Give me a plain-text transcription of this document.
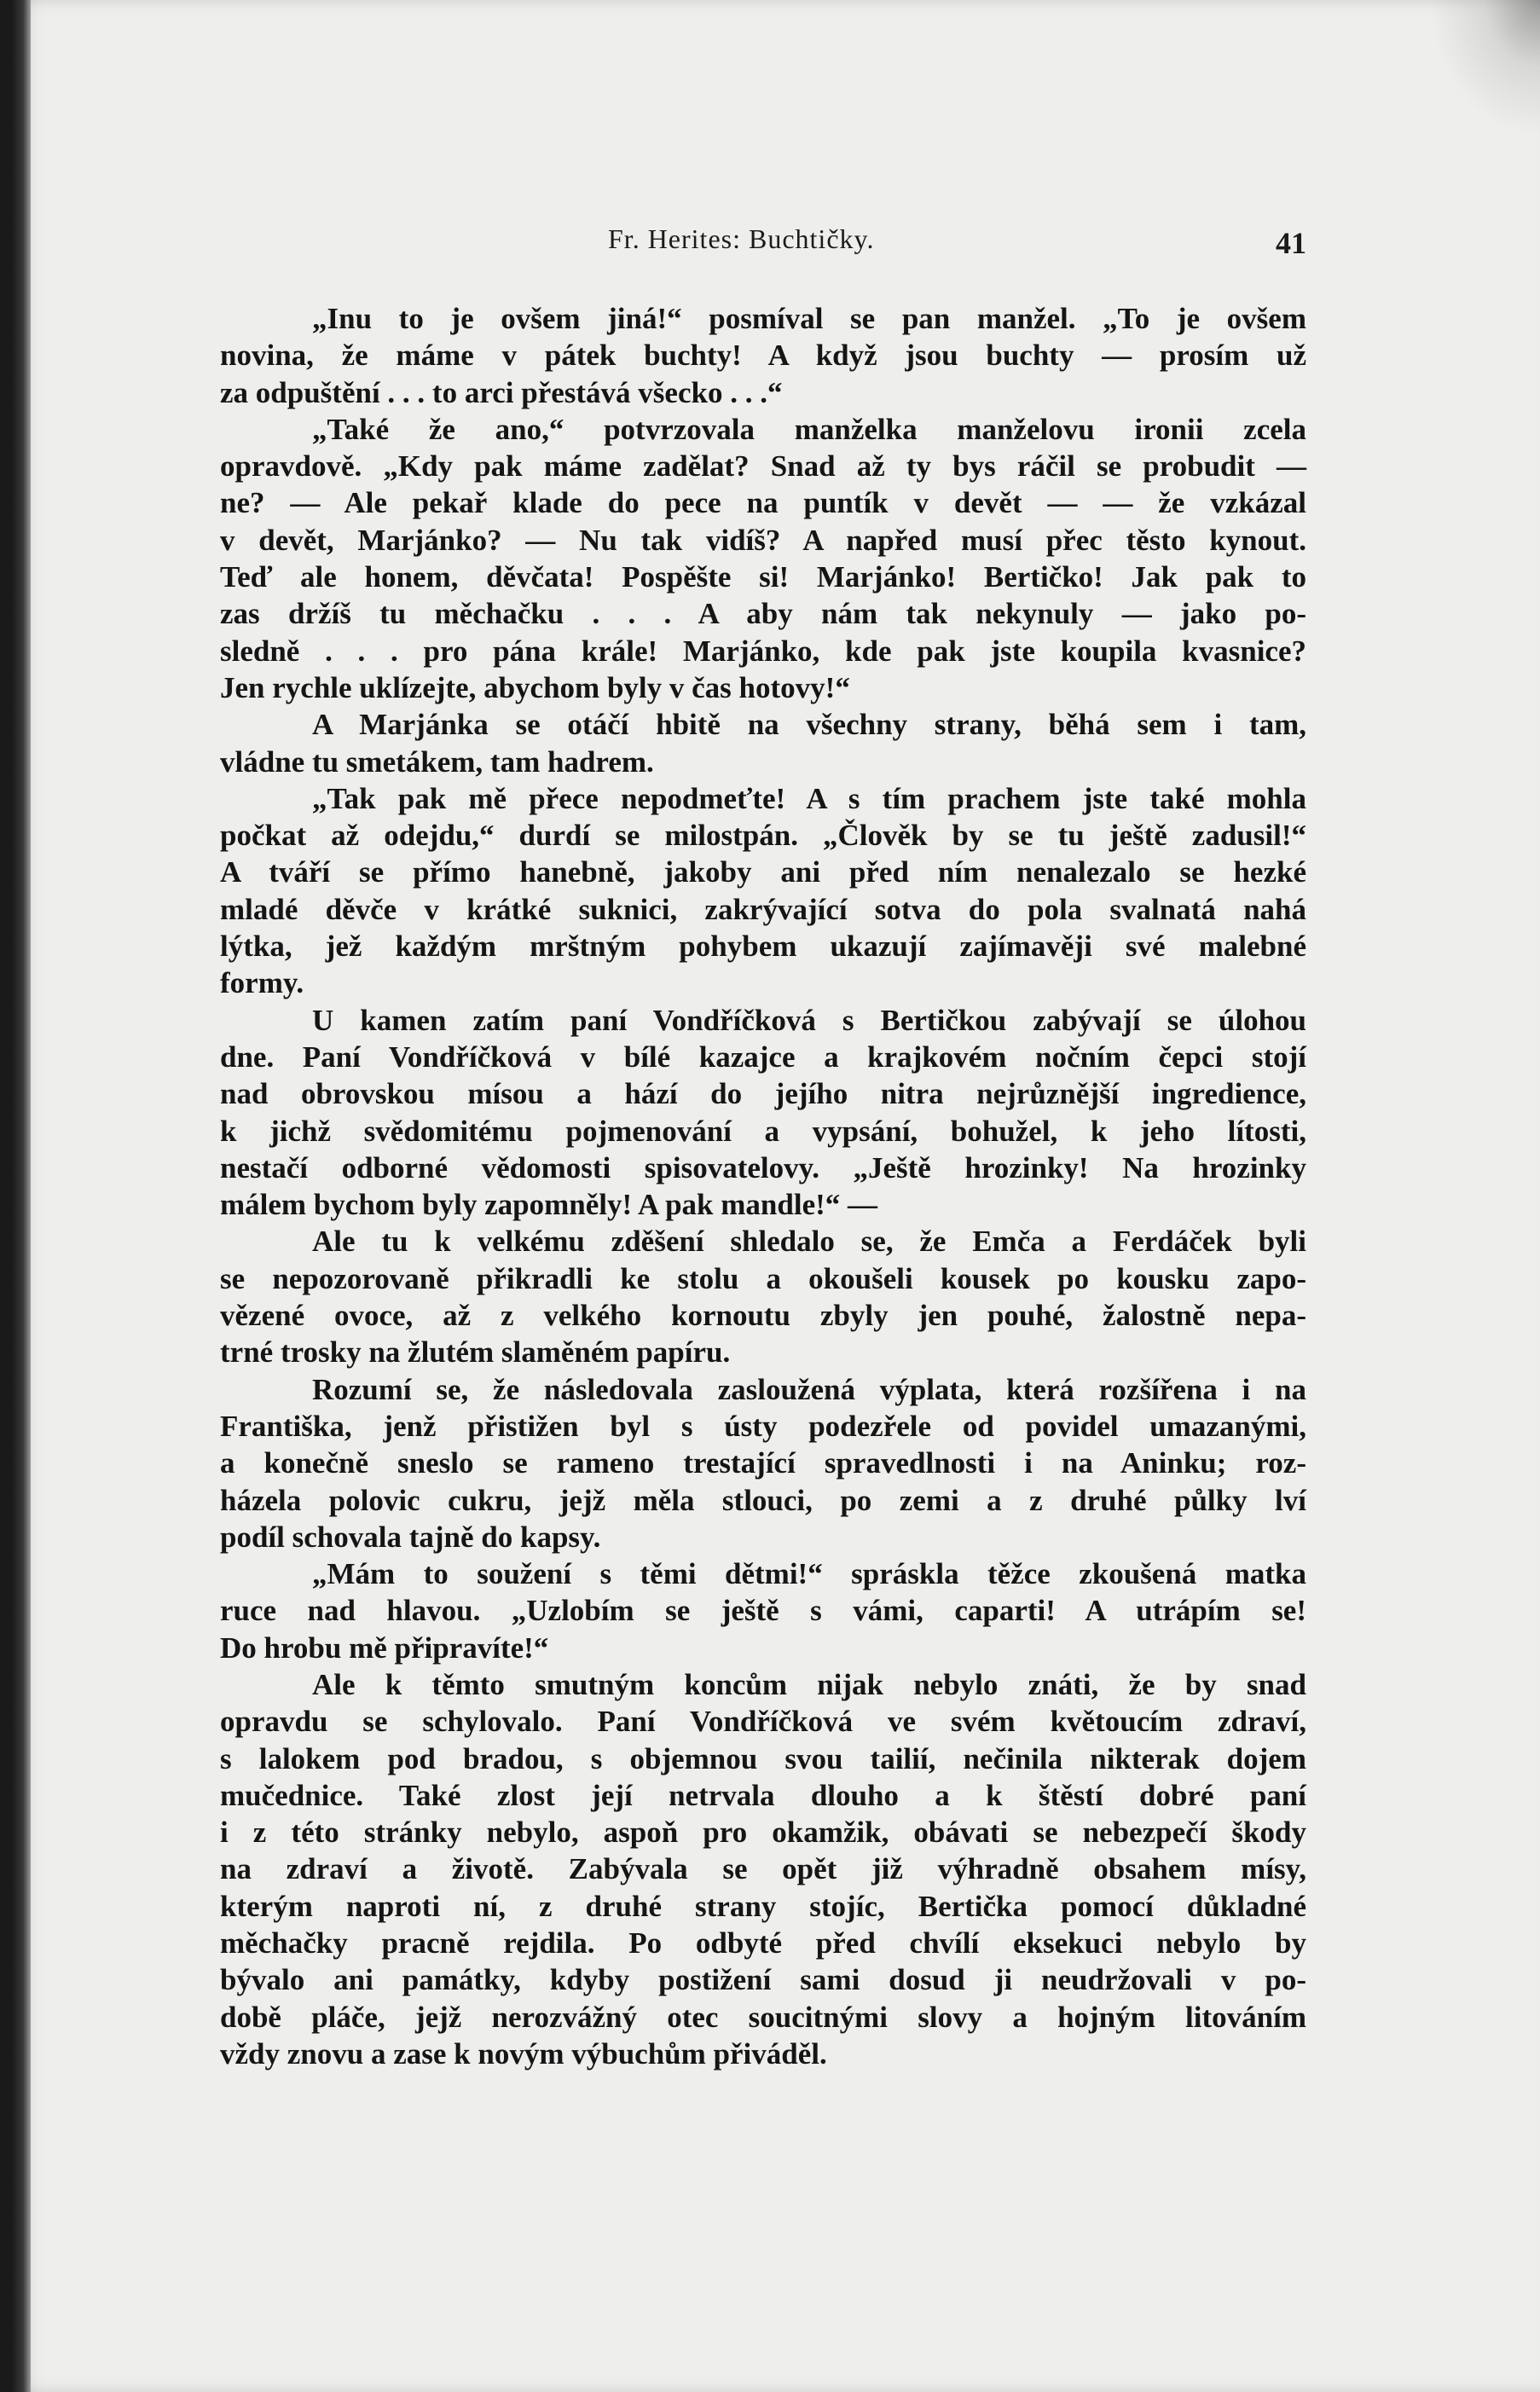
Fr. Herites: Buchtičky.	41
„Inu to je ovšem jiná!“ posmíval se pan manžel. „To je ovšem
novina, že máme v pátek buchty! A když jsou buchty — prosím už
za odpuštění . . . to arci přestává všecko . . .“
„Také že ano,“ potvrzovala manželka manželovu ironii zcela
opravdově. „Kdy pak máme zadělat? Snad až ty bys ráčil se probudit —
ne? — Ale pekař klade do pece na puntík v devět — — že vzkázal
v devět, Marjánko? — Nu tak vidíš? A napřed musí přec těsto kynout.
Teď ale honem, děvčata! Pospěšte si! Marjánko! Bertičko! Jak pak to
zas držíš tu měchačku . . . A aby nám tak nekynuly — jako po-
sledně . . . pro pána krále! Marjánko, kde pak jste koupila kvasnice?
Jen rychle uklízejte, abychom byly v čas hotovy!“
A Marjánka se otáčí hbitě na všechny strany, běhá sem i tam,
vládne tu smetákem, tam hadrem.
„Tak pak mě přece nepodmeťte! A s tím prachem jste také mohla
počkat až odejdu,“ durdí se milostpán. „Člověk by se tu ještě zadusil!“
A tváří se přímo hanebně, jakoby ani před ním nenalezalo se hezké
mladé děvče v krátké suknici, zakrývající sotva do pola svalnatá nahá
lýtka, jež každým mrštným pohybem ukazují zajímavěji své malebné
formy.
U kamen zatím paní Vondříčková s Bertičkou zabývají se úlohou
dne. Paní Vondříčková v bílé kazajce a krajkovém nočním čepci stojí
nad obrovskou mísou a hází do jejího nitra nejrůznější ingredience,
k jichž svědomitému pojmenování a vypsání, bohužel, k jeho lítosti,
nestačí odborné vědomosti spisovatelovy. „Ještě hrozinky! Na hrozinky
málem bychom byly zapomněly! A pak mandle!“ —
Ale tu k velkému zděšení shledalo se, že Emča a Ferdáček byli
se nepozorovaně přikradli ke stolu a okoušeli kousek po kousku zapo-
vězené ovoce, až z velkého kornoutu zbyly jen pouhé, žalostně nepa-
trné trosky na žlutém slaměném papíru.
Rozumí se, že následovala zasloužená výplata, která rozšířena i na
Františka, jenž přistižen byl s ústy podezřele od povidel umazanými,
a konečně sneslo se rameno trestající spravedlnosti i na Aninku; roz-
házela polovic cukru, jejž měla stlouci, po zemi a z druhé půlky lví
podíl schovala tajně do kapsy.
„Mám to soužení s těmi dětmi!“ spráskla těžce zkoušená matka
ruce nad hlavou. „Uzlobím se ještě s vámi, caparti! A utrápím se!
Do hrobu mě připravíte!“
Ale k těmto smutným koncům nijak nebylo znáti, že by snad
opravdu se schylovalo. Paní Vondříčková ve svém květoucím zdraví,
s lalokem pod bradou, s objemnou svou tailií, nečinila nikterak dojem
mučednice. Také zlost její netrvala dlouho a k štěstí dobré paní
i z této stránky nebylo, aspoň pro okamžik, obávati se nebezpečí škody
na zdraví a životě. Zabývala se opět již výhradně obsahem mísy,
kterým naproti ní, z druhé strany stojíc, Bertička pomocí důkladné
měchačky pracně rejdila. Po odbyté před chvílí eksekuci nebylo by
bývalo ani památky, kdyby postižení sami dosud ji neudržovali v po-
době pláče, jejž nerozvážný otec soucitnými slovy a hojným litováním
vždy znovu a zase k novým výbuchům přiváděl.
